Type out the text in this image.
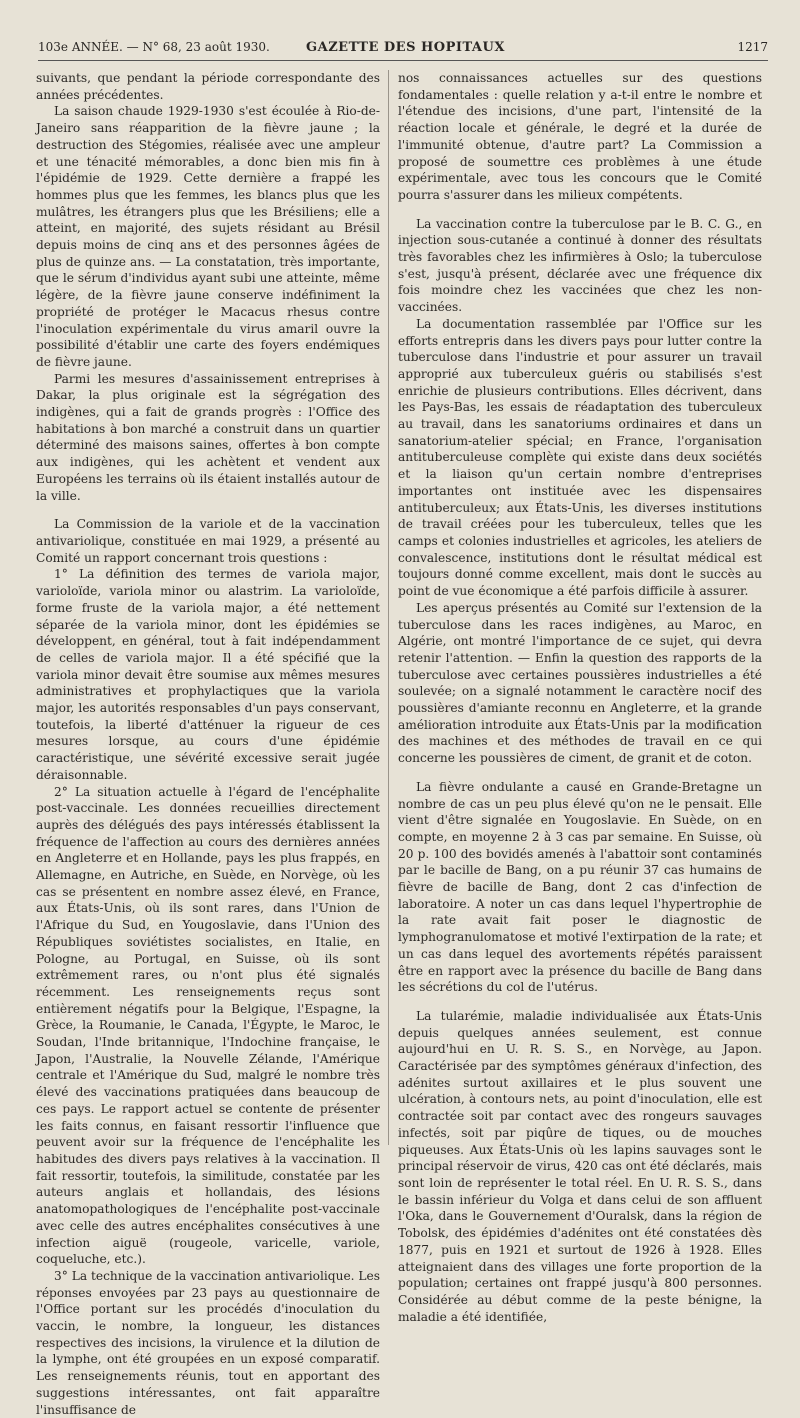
103e ANNÉE. — N° 68, 23 août 1930.	GAZETTE DES HOPITAUX	1217

suivants, que pendant la période correspondante des années précédentes.

La saison chaude 1929-1930 s'est écoulée à Rio-de-Janeiro sans réapparition de la fièvre jaune ; la destruction des Stégomies, réalisée avec une ampleur et une ténacité mémorables, a donc bien mis fin à l'épidémie de 1929. Cette dernière a frappé les hommes plus que les femmes, les blancs plus que les mulâtres, les étrangers plus que les Brésiliens; elle a atteint, en majorité, des sujets résidant au Brésil depuis moins de cinq ans et des personnes âgées de plus de quinze ans. — La constatation, très importante, que le sérum d'individus ayant subi une atteinte, même légère, de la fièvre jaune conserve indéfiniment la propriété de protéger le Macacus rhesus contre l'inoculation expérimentale du virus amaril ouvre la possibilité d'établir une carte des foyers endémiques de fièvre jaune.

Parmi les mesures d'assainissement entreprises à Dakar, la plus originale est la ségrégation des indigènes, qui a fait de grands progrès : l'Office des habitations à bon marché a construit dans un quartier déterminé des maisons saines, offertes à bon compte aux indigènes, qui les achètent et vendent aux Européens les terrains où ils étaient installés autour de la ville.

La Commission de la variole et de la vaccination antivariolique, constituée en mai 1929, a présenté au Comité un rapport concernant trois questions :

1° La définition des termes de variola major, varioloïde, variola minor ou alastrim. La varioloïde, forme fruste de la variola major, a été nettement séparée de la variola minor, dont les épidémies se développent, en général, tout à fait indépendamment de celles de variola major. Il a été spécifié que la variola minor devait être soumise aux mêmes mesures administratives et prophylactiques que la variola major, les autorités responsables d'un pays conservant, toutefois, la liberté d'atténuer la rigueur de ces mesures lorsque, au cours d'une épidémie caractéristique, une sévérité excessive serait jugée déraisonnable.

2° La situation actuelle à l'égard de l'encéphalite post-vaccinale. Les données recueillies directement auprès des délégués des pays intéressés établissent la fréquence de l'affection au cours des dernières années en Angleterre et en Hollande, pays les plus frappés, en Allemagne, en Autriche, en Suède, en Norvège, où les cas se présentent en nombre assez élevé, en France, aux États-Unis, où ils sont rares, dans l'Union de l'Afrique du Sud, en Yougoslavie, dans l'Union des Républiques soviétistes socialistes, en Italie, en Pologne, au Portugal, en Suisse, où ils sont extrêmement rares, ou n'ont plus été signalés récemment. Les renseignements reçus sont entièrement négatifs pour la Belgique, l'Espagne, la Grèce, la Roumanie, le Canada, l'Égypte, le Maroc, le Soudan, l'Inde britannique, l'Indochine française, le Japon, l'Australie, la Nouvelle Zélande, l'Amérique centrale et l'Amérique du Sud, malgré le nombre très élevé des vaccinations pratiquées dans beaucoup de ces pays. Le rapport actuel se contente de présenter les faits connus, en faisant ressortir l'influence que peuvent avoir sur la fréquence de l'encéphalite les habitudes des divers pays relatives à la vaccination. Il fait ressortir, toutefois, la similitude, constatée par les auteurs anglais et hollandais, des lésions anatomopathologiques de l'encéphalite post-vaccinale avec celle des autres encéphalites consécutives à une infection aiguë (rougeole, varicelle, variole, coqueluche, etc.).

3° La technique de la vaccination antivariolique. Les réponses envoyées par 23 pays au questionnaire de l'Office portant sur les procédés d'inoculation du vaccin, le nombre, la longueur, les distances respectives des incisions, la virulence et la dilution de la lymphe, ont été groupées en un exposé comparatif. Les renseignements réunis, tout en apportant des suggestions intéressantes, ont fait apparaître l'insuffisance de

nos connaissances actuelles sur des questions fondamentales : quelle relation y a-t-il entre le nombre et l'étendue des incisions, d'une part, l'intensité de la réaction locale et générale, le degré et la durée de l'immunité obtenue, d'autre part? La Commission a proposé de soumettre ces problèmes à une étude expérimentale, avec tous les concours que le Comité pourra s'assurer dans les milieux compétents.

La vaccination contre la tuberculose par le B. C. G., en injection sous-cutanée a continué à donner des résultats très favorables chez les infirmières à Oslo; la tuberculose s'est, jusqu'à présent, déclarée avec une fréquence dix fois moindre chez les vaccinées que chez les non-vaccinées.

La documentation rassemblée par l'Office sur les efforts entrepris dans les divers pays pour lutter contre la tuberculose dans l'industrie et pour assurer un travail approprié aux tuberculeux guéris ou stabilisés s'est enrichie de plusieurs contributions. Elles décrivent, dans les Pays-Bas, les essais de réadaptation des tuberculeux au travail, dans les sanatoriums ordinaires et dans un sanatorium-atelier spécial; en France, l'organisation antituberculeuse complète qui existe dans deux sociétés et la liaison qu'un certain nombre d'entreprises importantes ont instituée avec les dispensaires antituberculeux; aux États-Unis, les diverses institutions de travail créées pour les tuberculeux, telles que les camps et colonies industrielles et agricoles, les ateliers de convalescence, institutions dont le résultat médical est toujours donné comme excellent, mais dont le succès au point de vue économique a été parfois difficile à assurer.

Les aperçus présentés au Comité sur l'extension de la tuberculose dans les races indigènes, au Maroc, en Algérie, ont montré l'importance de ce sujet, qui devra retenir l'attention. — Enfin la question des rapports de la tuberculose avec certaines poussières industrielles a été soulevée; on a signalé notamment le caractère nocif des poussières d'amiante reconnu en Angleterre, et la grande amélioration introduite aux États-Unis par la modification des machines et des méthodes de travail en ce qui concerne les poussières de ciment, de granit et de coton.

La fièvre ondulante a causé en Grande-Bretagne un nombre de cas un peu plus élevé qu'on ne le pensait. Elle vient d'être signalée en Yougoslavie. En Suède, on en compte, en moyenne 2 à 3 cas par semaine. En Suisse, où 20 p. 100 des bovidés amenés à l'abattoir sont contaminés par le bacille de Bang, on a pu réunir 37 cas humains de fièvre de bacille de Bang, dont 2 cas d'infection de laboratoire. A noter un cas dans lequel l'hypertrophie de la rate avait fait poser le diagnostic de lymphogranulomatose et motivé l'extirpation de la rate; et un cas dans lequel des avortements répétés paraissent être en rapport avec la présence du bacille de Bang dans les sécrétions du col de l'utérus.

La tularémie, maladie individualisée aux États-Unis depuis quelques années seulement, est connue aujourd'hui en U. R. S. S., en Norvège, au Japon. Caractérisée par des symptômes généraux d'infection, des adénites surtout axillaires et le plus souvent une ulcération, à contours nets, au point d'inoculation, elle est contractée soit par contact avec des rongeurs sauvages infectés, soit par piqûre de tiques, ou de mouches piqueuses. Aux États-Unis où les lapins sauvages sont le principal réservoir de virus, 420 cas ont été déclarés, mais sont loin de représenter le total réel. En U. R. S. S., dans le bassin inférieur du Volga et dans celui de son affluent l'Oka, dans le Gouvernement d'Ouralsk, dans la région de Tobolsk, des épidémies d'adénites ont été constatées dès 1877, puis en 1921 et surtout de 1926 à 1928. Elles atteignaient dans des villages une forte proportion de la population; certaines ont frappé jusqu'à 800 personnes. Considérée au début comme de la peste bénigne, la maladie a été identifiée,
